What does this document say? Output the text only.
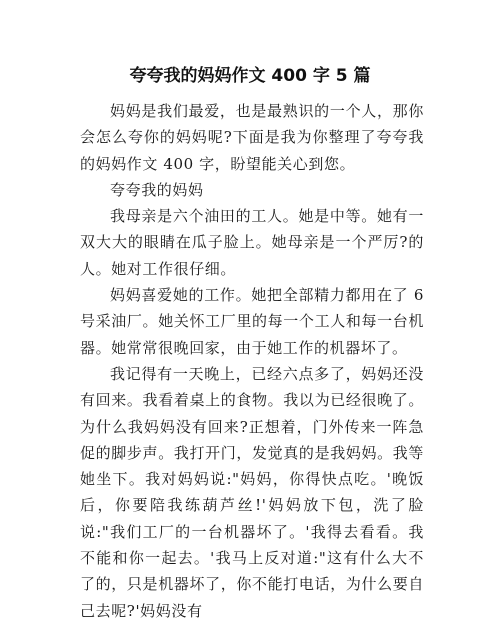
夸夸我的妈妈作文 400 字 5 篇

妈妈是我们最爱，也是最熟识的一个人，那你会怎么夸你的妈妈呢?下面是我为你整理了夸夸我的妈妈作文 400 字，盼望能关心到您。

夸夸我的妈妈

我母亲是六个油田的工人。她是中等。她有一双大大的眼睛在瓜子脸上。她母亲是一个严厉?的人。她对工作很仔细。

妈妈喜爱她的工作。她把全部精力都用在了 6 号采油厂。她关怀工厂里的每一个工人和每一台机器。她常常很晚回家，由于她工作的机器坏了。

我记得有一天晚上，已经六点多了，妈妈还没有回来。我看着桌上的食物。我以为已经很晚了。为什么我妈妈没有回来?正想着，门外传来一阵急促的脚步声。我打开门，发觉真的是我妈妈。我等她坐下。我对妈妈说:"妈妈，你得快点吃。'晚饭后，你要陪我练葫芦丝!'妈妈放下包，洗了脸说:"我们工厂的一台机器坏了。'我得去看看。我不能和你一起去。'我马上反对道:"这有什么大不了的，只是机器坏了，你不能打电话，为什么要自己去呢?'妈妈没有
